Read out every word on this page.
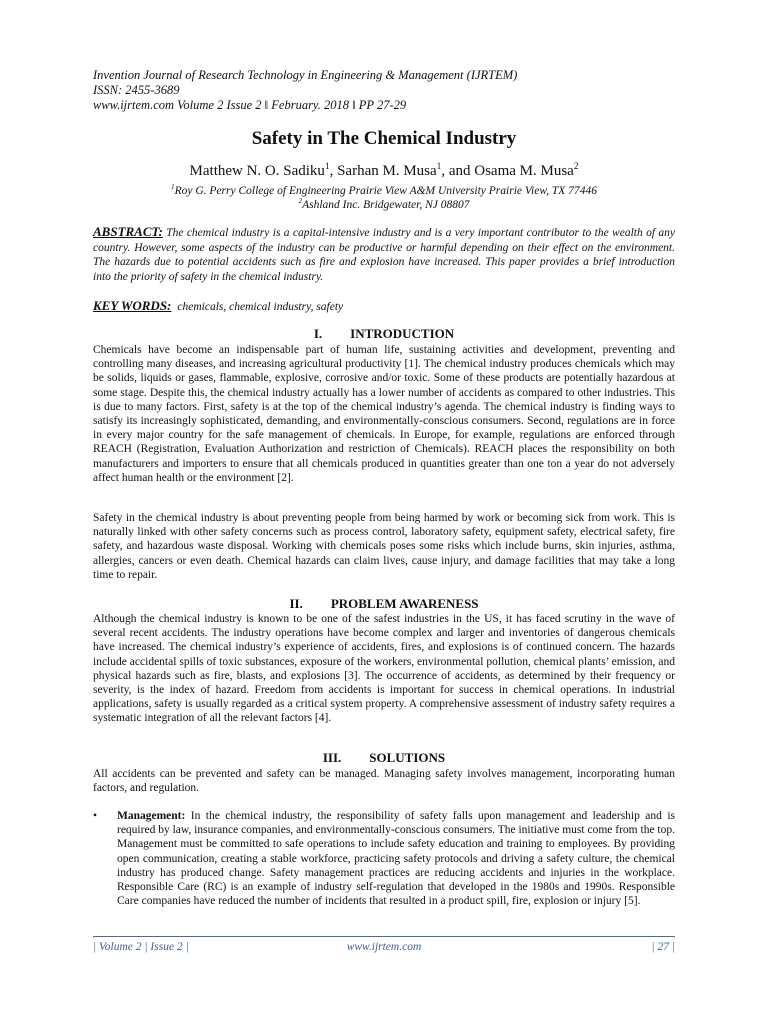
Invention Journal of Research Technology in Engineering & Management (IJRTEM)
ISSN: 2455-3689
www.ijrtem.com Volume 2 Issue 2 ǁ February. 2018 ǁ PP 27-29
Safety in The Chemical Industry
Matthew N. O. Sadiku$^1$, Sarhan M. Musa$^1$, and Osama M. Musa$^2$
$^1$Roy G. Perry College of Engineering Prairie View A&M University Prairie View, TX 77446
$^2$Ashland Inc. Bridgewater, NJ 08807
ABSTRACT: The chemical industry is a capital-intensive industry and is a very important contributor to the wealth of any country. However, some aspects of the industry can be productive or harmful depending on their effect on the environment. The hazards due to potential accidents such as fire and explosion have increased. This paper provides a brief introduction into the priority of safety in the chemical industry.
KEY WORDS: chemicals, chemical industry, safety
I. INTRODUCTION
Chemicals have become an indispensable part of human life, sustaining activities and development, preventing and controlling many diseases, and increasing agricultural productivity [1]. The chemical industry produces chemicals which may be solids, liquids or gases, flammable, explosive, corrosive and/or toxic. Some of these products are potentially hazardous at some stage. Despite this, the chemical industry actually has a lower number of accidents as compared to other industries. This is due to many factors. First, safety is at the top of the chemical industry’s agenda. The chemical industry is finding ways to satisfy its increasingly sophisticated, demanding, and environmentally-conscious consumers. Second, regulations are in force in every major country for the safe management of chemicals. In Europe, for example, regulations are enforced through REACH (Registration, Evaluation Authorization and restriction of Chemicals). REACH places the responsibility on both manufacturers and importers to ensure that all chemicals produced in quantities greater than one ton a year do not adversely affect human health or the environment [2].
Safety in the chemical industry is about preventing people from being harmed by work or becoming sick from work. This is naturally linked with other safety concerns such as process control, laboratory safety, equipment safety, electrical safety, fire safety, and hazardous waste disposal. Working with chemicals poses some risks which include burns, skin injuries, asthma, allergies, cancers or even death. Chemical hazards can claim lives, cause injury, and damage facilities that may take a long time to repair.
II. PROBLEM AWARENESS
Although the chemical industry is known to be one of the safest industries in the US, it has faced scrutiny in the wave of several recent accidents. The industry operations have become complex and larger and inventories of dangerous chemicals have increased. The chemical industry’s experience of accidents, fires, and explosions is of continued concern. The hazards include accidental spills of toxic substances, exposure of the workers, environmental pollution, chemical plants’ emission, and physical hazards such as fire, blasts, and explosions [3]. The occurrence of accidents, as determined by their frequency or severity, is the index of hazard. Freedom from accidents is important for success in chemical operations. In industrial applications, safety is usually regarded as a critical system property. A comprehensive assessment of industry safety requires a systematic integration of all the relevant factors [4].
III. SOLUTIONS
All accidents can be prevented and safety can be managed. Managing safety involves management, incorporating human factors, and regulation.
• Management: In the chemical industry, the responsibility of safety falls upon management and leadership and is required by law, insurance companies, and environmentally-conscious consumers. The initiative must come from the top. Management must be committed to safe operations to include safety education and training to employees. By providing open communication, creating a stable workforce, practicing safety protocols and driving a safety culture, the chemical industry has produced change. Safety management practices are reducing accidents and injuries in the workplace. Responsible Care (RC) is an example of industry self-regulation that developed in the 1980s and 1990s. Responsible Care companies have reduced the number of incidents that resulted in a product spill, fire, explosion or injury [5].
| Volume 2 | Issue 2 |	www.ijrtem.com	| 27 |
